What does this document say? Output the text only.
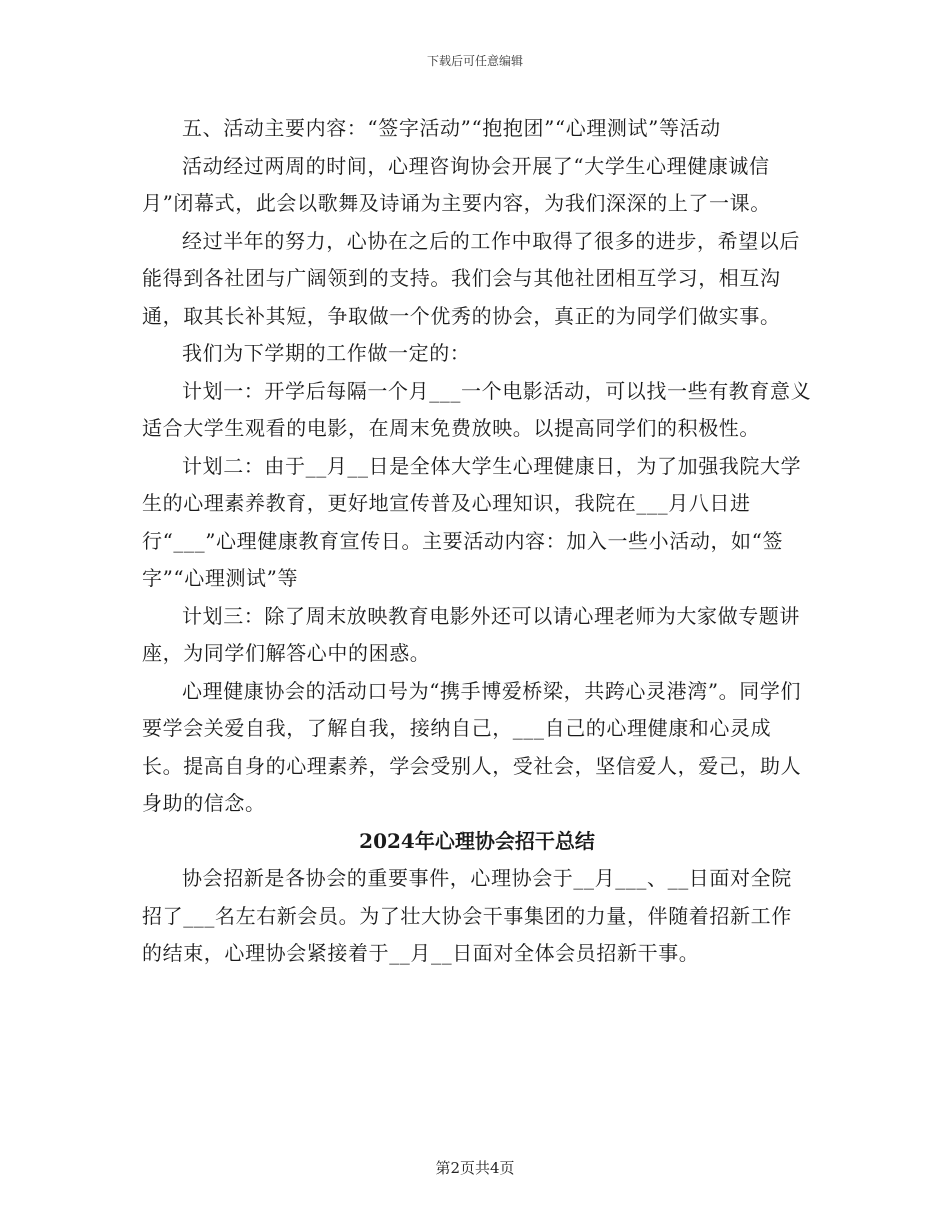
下载后可任意编辑

五、活动主要内容：“签字活动”“抱抱团”“心理测试”等活动

活动经过两周的时间，心理咨询协会开展了“大学生心理健康诚信月”闭幕式，此会以歌舞及诗诵为主要内容，为我们深深的上了一课。

经过半年的努力，心协在之后的工作中取得了很多的进步，希望以后能得到各社团与广阔领到的支持。我们会与其他社团相互学习，相互沟通，取其长补其短，争取做一个优秀的协会，真正的为同学们做实事。

我们为下学期的工作做一定的：

计划一：开学后每隔一个月___一个电影活动，可以找一些有教育意义适合大学生观看的电影，在周末免费放映。以提高同学们的积极性。

计划二：由于__月__日是全体大学生心理健康日，为了加强我院大学生的心理素养教育，更好地宣传普及心理知识，我院在___月八日进行“___”心理健康教育宣传日。主要活动内容：加入一些小活动，如“签字”“心理测试”等

计划三：除了周末放映教育电影外还可以请心理老师为大家做专题讲座，为同学们解答心中的困惑。

心理健康协会的活动口号为“携手博爱桥梁，共跨心灵港湾”。同学们要学会关爱自我，了解自我，接纳自己，___自己的心理健康和心灵成长。提高自身的心理素养，学会受别人，受社会，坚信爱人，爱己，助人身助的信念。

2024年心理协会招干总结

协会招新是各协会的重要事件，心理协会于__月___、__日面对全院招了___名左右新会员。为了壮大协会干事集团的力量，伴随着招新工作的结束，心理协会紧接着于__月__日面对全体会员招新干事。

第2页共4页
